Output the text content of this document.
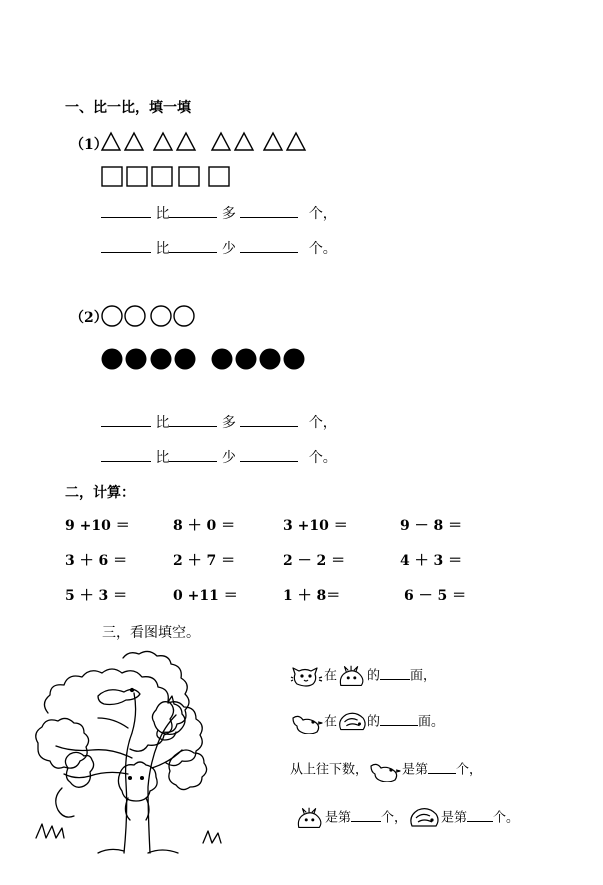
一、比一比，填一填
（1）
比	多	个，
比	少	个。
（2）
比	多	个，
比	少	个。
二，计算：
9 +10 ＝	8 ＋ 0 ＝	3 +10 ＝	9 － 8 ＝
3 ＋ 6 ＝	2 ＋ 7 ＝	2 － 2 ＝	4 ＋ 3 ＝
5 ＋ 3 ＝	0 +11 ＝	1 ＋ 8＝	6 － 5 ＝
三，看图填空。
在 的 面，
在 的	面。
从上往下数，	是第 个，
是第 个，	是第 个。
